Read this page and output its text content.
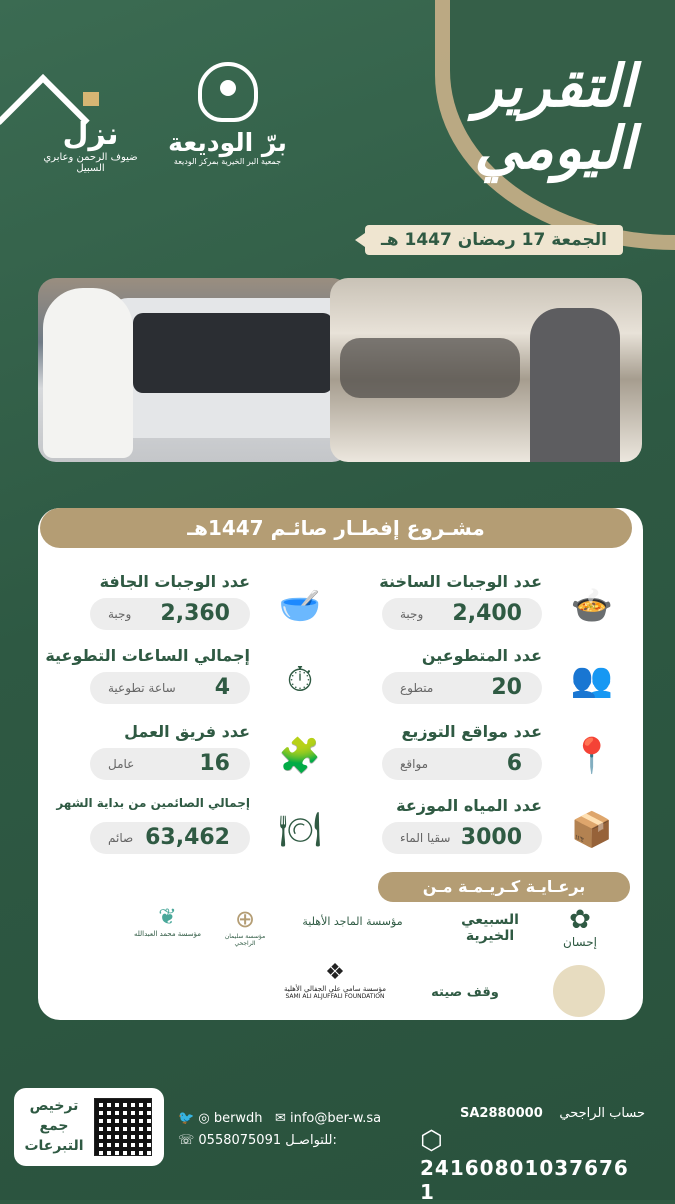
التقرير
اليومي
الجمعة 17 رمضان 1447 هـ
برّ الوديعة
جمعية البر الخيرية بمركز الوديعة
نزل
ضيوف الرحمن وعابري السبيل
مشـروع إفطـار صائـم 1447هـ
عدد الوجبات الساخنة
2,400
وجبة	🍲
عدد المتطوعين
20
متطوع	👥
عدد مواقع التوزيع
6
مواقع	📍
عدد المياه الموزعة
3000
سقيا الماء	📦
عدد الوجبات الجافة
2,360
وجبة	🥣
إجمالي الساعات التطوعية
4
ساعة تطوعية	⏱
عدد فريق العمل
16
عامل	🧩
إجمالي الصائمين من بداية الشهر
63,462
صائم	🍽
برعـايـة كـريـمـة مـن
✿
إحسان
السبيعي الخيرية
مؤسسة الماجد الأهلية
⊕
مؤسسة سليمان الراجحي
❦
مؤسسة محمد العبدالله
وقف صيته
❖
مؤسسة سامي علي الجفالي الأهلية
SAMI ALI ALJUFFALI FOUNDATION
ترخيص جمع التبرعات
🐦 ◎ berwdh ✉ info@ber-w.sa
☏ 0558075091 للتواصـل:
SA2880000 حساب الراجحي
⬡ 24160801037676 1
